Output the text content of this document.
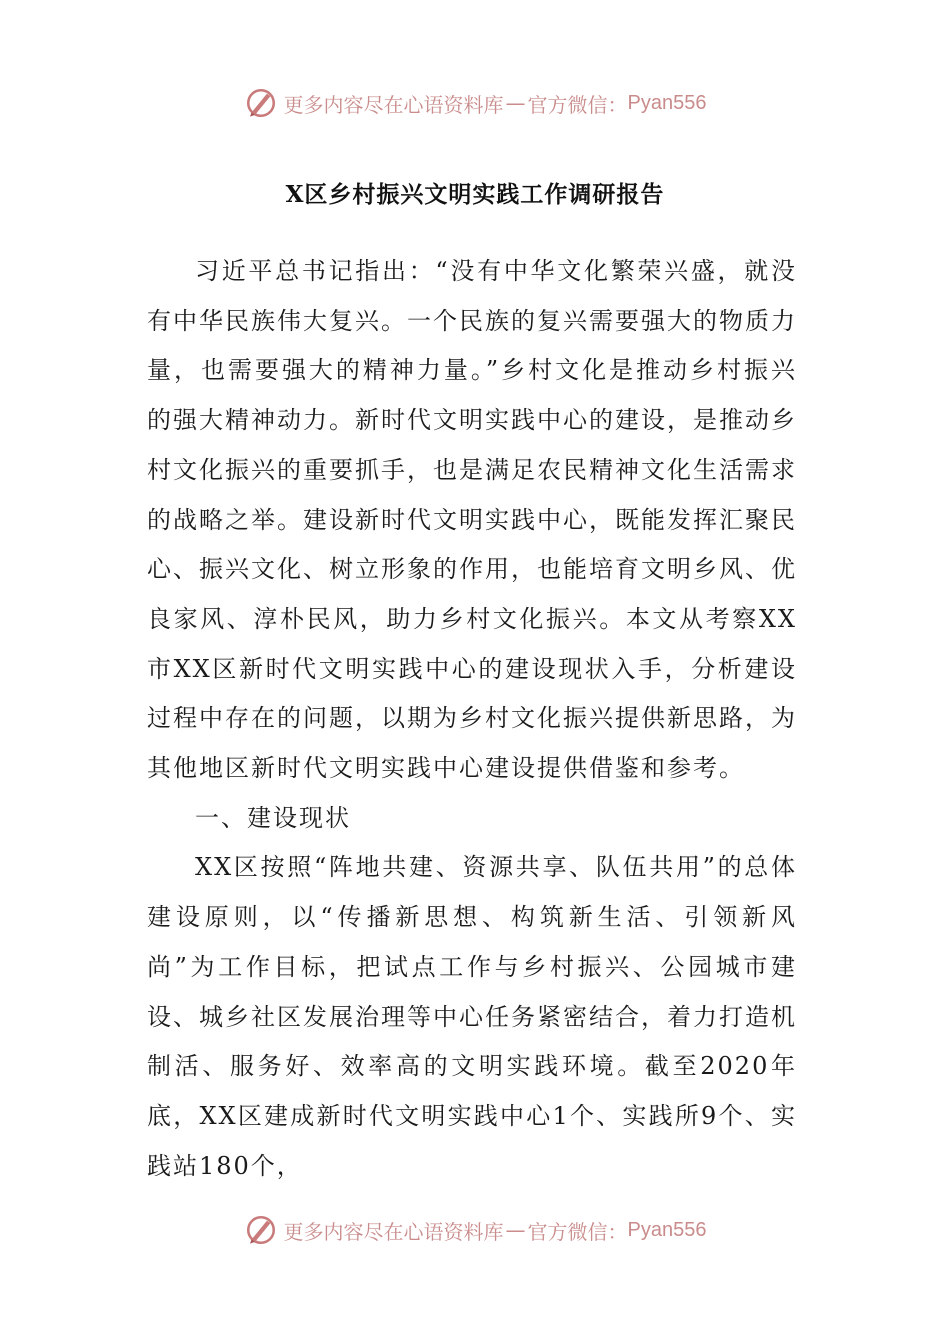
更多内容尽在心语资料库 — 官方微信： Pyan556
X区乡村振兴文明实践工作调研报告

习近平总书记指出：“没有中华文化繁荣兴盛，就没有中华民族伟大复兴。一个民族的复兴需要强大的物质力量，也需要强大的精神力量。”乡村文化是推动乡村振兴的强大精神动力。新时代文明实践中心的建设，是推动乡村文化振兴的重要抓手，也是满足农民精神文化生活需求的战略之举。建设新时代文明实践中心，既能发挥汇聚民心、振兴文化、树立形象的作用，也能培育文明乡风、优良家风、淳朴民风，助力乡村文化振兴。本文从考察XX市XX区新时代文明实践中心的建设现状入手，分析建设过程中存在的问题，以期为乡村文化振兴提供新思路，为其他地区新时代文明实践中心建设提供借鉴和参考。

一、建设现状

XX区按照“阵地共建、资源共享、队伍共用”的总体建设原则，以“传播新思想、构筑新生活、引领新风尚”为工作目标，把试点工作与乡村振兴、公园城市建设、城乡社区发展治理等中心任务紧密结合，着力打造机制活、服务好、效率高的文明实践环境。截至2020年底，XX区建成新时代文明实践中心1个、实践所9个、实践站180个，

更多内容尽在心语资料库 — 官方微信： Pyan556
